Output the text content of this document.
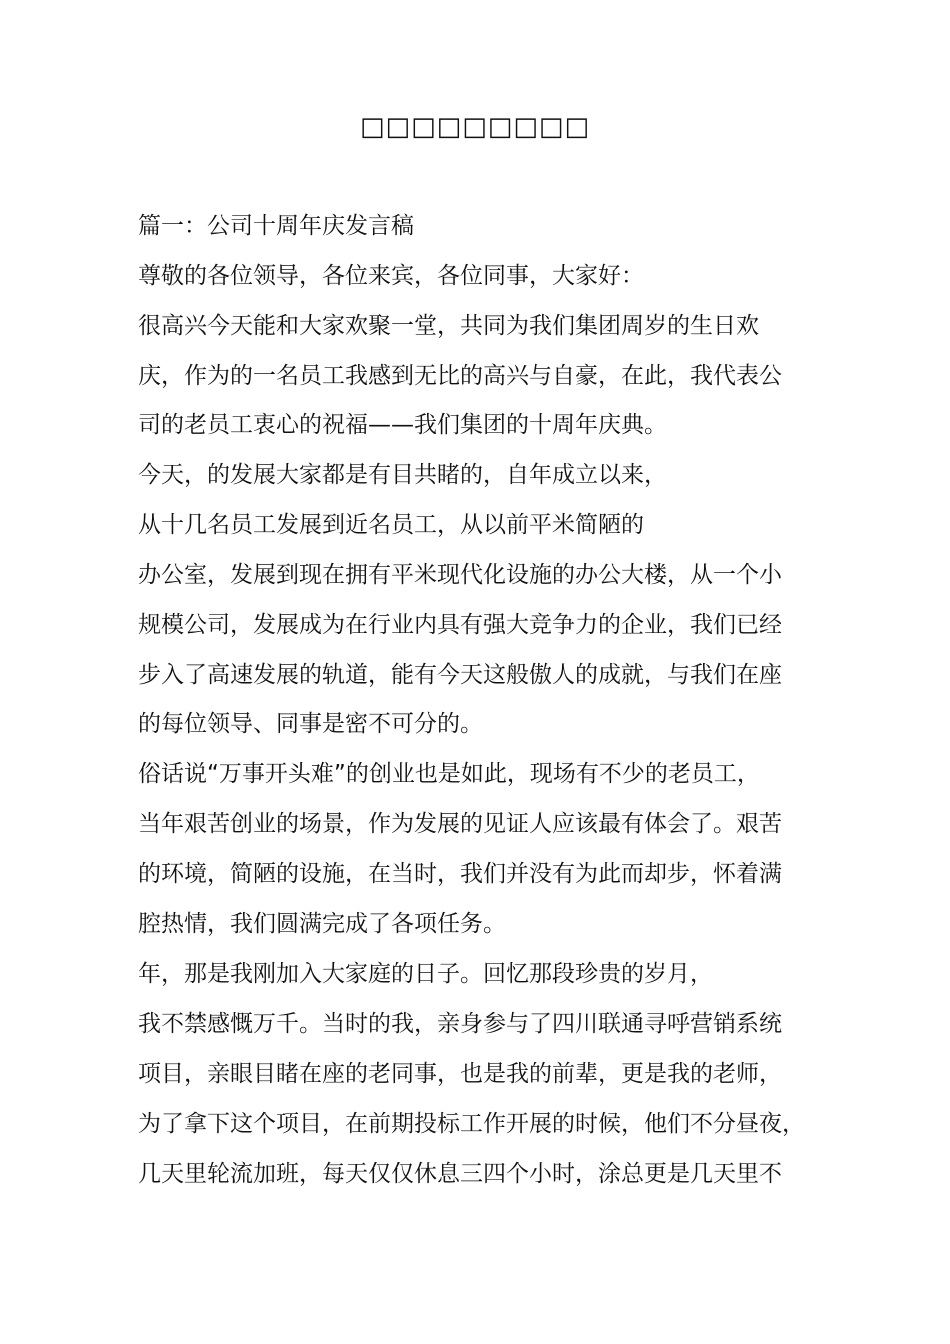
□□□□□□□□□
篇一：公司十周年庆发言稿
尊敬的各位领导，各位来宾，各位同事，大家好：
很高兴今天能和大家欢聚一堂，共同为我们集团周岁的生日欢
庆，作为的一名员工我感到无比的高兴与自豪，在此，我代表公
司的老员工衷心的祝福——我们集团的十周年庆典。
今天，的发展大家都是有目共睹的，自年成立以来，
从十几名员工发展到近名员工，从以前平米简陋的
办公室，发展到现在拥有平米现代化设施的办公大楼，从一个小
规模公司，发展成为在行业内具有强大竞争力的企业，我们已经
步入了高速发展的轨道，能有今天这般傲人的成就，与我们在座
的每位领导、同事是密不可分的。
俗话说“万事开头难”的创业也是如此，现场有不少的老员工，
当年艰苦创业的场景，作为发展的见证人应该最有体会了。艰苦
的环境，简陋的设施，在当时，我们并没有为此而却步，怀着满
腔热情，我们圆满完成了各项任务。
年，那是我刚加入大家庭的日子。回忆那段珍贵的岁月，
我不禁感慨万千。当时的我，亲身参与了四川联通寻呼营销系统
项目，亲眼目睹在座的老同事，也是我的前辈，更是我的老师，
为了拿下这个项目，在前期投标工作开展的时候，他们不分昼夜，
几天里轮流加班，每天仅仅休息三四个小时，涂总更是几天里不
